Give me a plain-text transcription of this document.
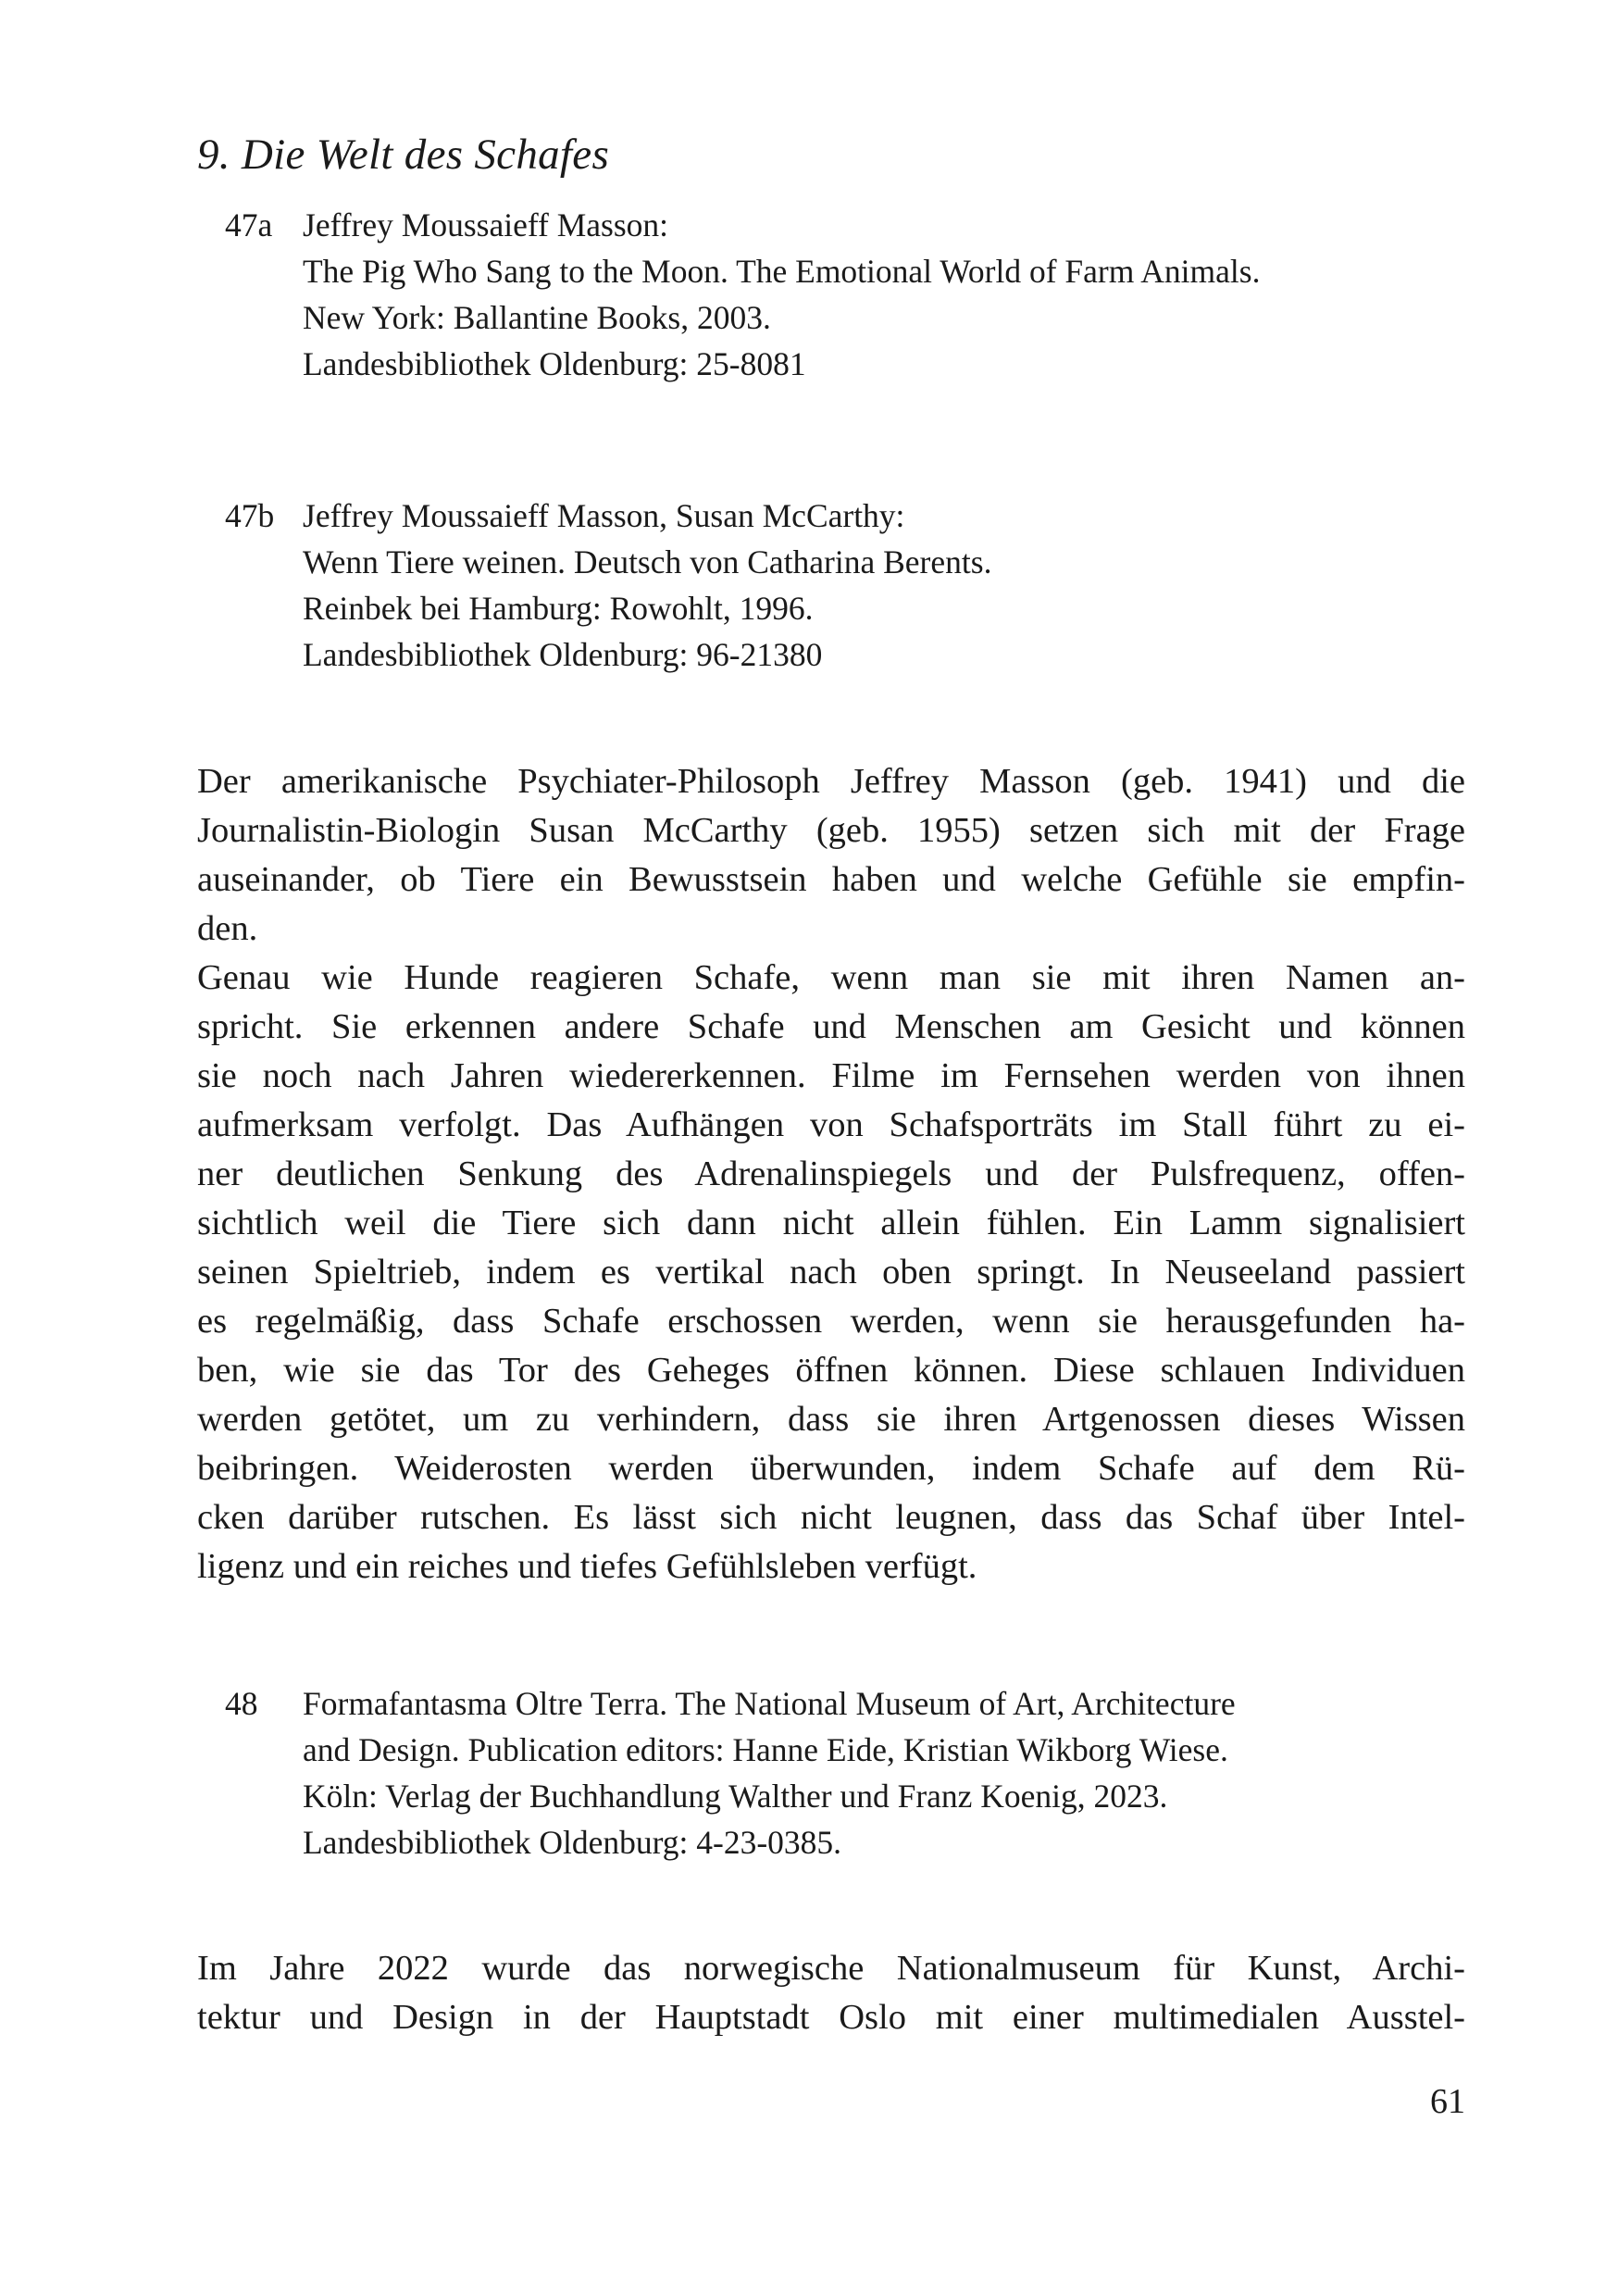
9. Die Welt des Schafes
47a Jeffrey Moussaieff Masson:
The Pig Who Sang to the Moon. The Emotional World of Farm Animals.
New York: Ballantine Books, 2003.
Landesbibliothek Oldenburg: 25-8081
47b Jeffrey Moussaieff Masson, Susan McCarthy:
Wenn Tiere weinen. Deutsch von Catharina Berents.
Reinbek bei Hamburg: Rowohlt, 1996.
Landesbibliothek Oldenburg: 96-21380
Der amerikanische Psychiater-Philosoph Jeffrey Masson (geb. 1941) und die
Journalistin-Biologin Susan McCarthy (geb. 1955) setzen sich mit der Frage
auseinander, ob Tiere ein Bewusstsein haben und welche Gefühle sie empfin-
den.
Genau wie Hunde reagieren Schafe, wenn man sie mit ihren Namen an-
spricht. Sie erkennen andere Schafe und Menschen am Gesicht und können
sie noch nach Jahren wiedererkennen. Filme im Fernsehen werden von ihnen
aufmerksam verfolgt. Das Aufhängen von Schafsporträts im Stall führt zu ei-
ner deutlichen Senkung des Adrenalinspiegels und der Pulsfrequenz, offen-
sichtlich weil die Tiere sich dann nicht allein fühlen. Ein Lamm signalisiert
seinen Spieltrieb, indem es vertikal nach oben springt. In Neuseeland passiert
es regelmäßig, dass Schafe erschossen werden, wenn sie herausgefunden ha-
ben, wie sie das Tor des Geheges öffnen können. Diese schlauen Individuen
werden getötet, um zu verhindern, dass sie ihren Artgenossen dieses Wissen
beibringen. Weiderosten werden überwunden, indem Schafe auf dem Rü-
cken darüber rutschen. Es lässt sich nicht leugnen, dass das Schaf über Intel-
ligenz und ein reiches und tiefes Gefühlsleben verfügt.
48	Formafantasma Oltre Terra. The National Museum of Art, Architecture
and Design. Publication editors: Hanne Eide, Kristian Wikborg Wiese.
Köln: Verlag der Buchhandlung Walther und Franz Koenig, 2023.
Landesbibliothek Oldenburg: 4-23-0385.
Im Jahre 2022 wurde das norwegische Nationalmuseum für Kunst, Archi-
tektur und Design in der Hauptstadt Oslo mit einer multimedialen Ausstel-
61
